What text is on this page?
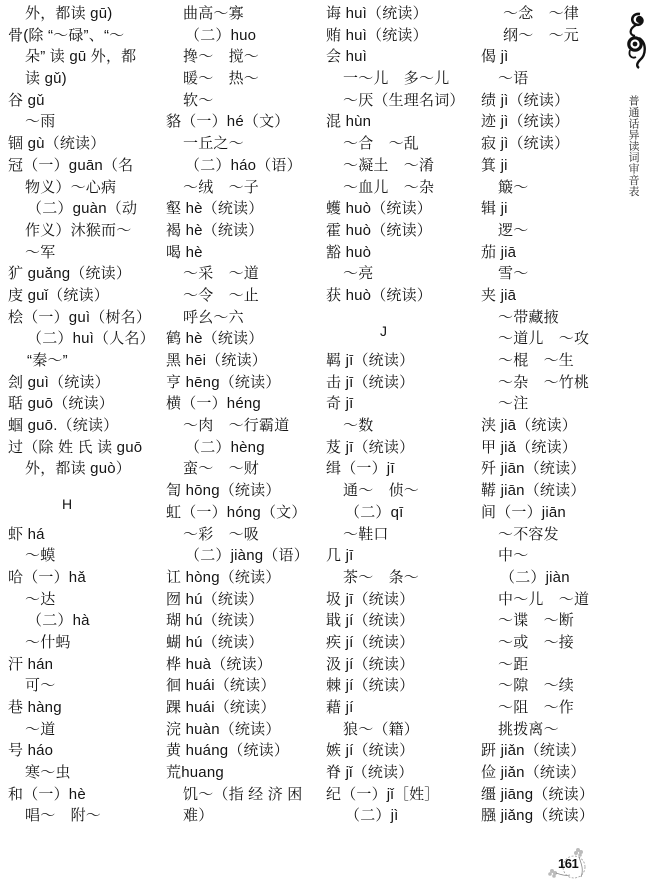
外，都读 gū)
骨(除 “～碌”、“～
朵” 读 gū 外，都
读 gǔ)
谷 gǔ
～雨
锢 gù（统读）
冠（一）guān（名
物义）～心病
（二）guàn（动
作义）沐猴而～
～军
犷 guǎng（统读）
庋 guǐ（统读）
桧（一）guì（树名）
（二）huì（人名）
“秦～”
刽 guì（统读）
聒 guō（统读）
蝈 guō.（统读）
过（除 姓 氏 读 guō
外，都读 guò）
H
虾 há
～蟆
哈（一）hǎ
～达
（二）hà
～什蚂
汗 hán
可～
巷 hàng
～道
号 háo
寒～虫
和（一）hè
唱～　附～
曲高～寡
（二）huo
搀～　搅～
暖～　热～
软～
貉（一）hé（文）
一丘之～
（二）háo（语）
～绒　～子
壑 hè（统读）
褐 hè（统读）
喝 hè
～采　～道
～令　～止
呼幺～六
鹤 hè（统读）
黑 hēi（统读）
亨 hēng（统读）
横（一）héng
～肉　～行霸道
（二）hèng
蛮～　～财
訇 hōng（统读）
虹（一）hóng（文）
～彩　～吸
（二）jiàng（语）
讧 hòng（统读）
囫 hú（统读）
瑚 hú（统读）
蝴 hú（统读）
桦 huà（统读）
徊 huái（统读）
踝 huái（统读）
浣 huàn（统读）
黄 huáng（统读）
荒huang
饥～（指 经 济 困
难）
诲 huì（统读）
贿 huì（统读）
会 huì
一～儿　多～儿
～厌（生理名词）
混 hùn
～合　～乱
～凝土　～淆
～血儿　～杂
蠖 huò（统读）
霍 huò（统读）
豁 huò
～亮
获 huò（统读）
J
羁 jī（统读）
击 jī（统读）
奇 jī
～数
芨 jī（统读）
缉（一）jī
通～　侦～
（二）qī
～鞋口
几 jī
茶～　条～
圾 jī（统读）
戢 jí（统读）
疾 jí（统读）
汲 jí（统读）
棘 jí（统读）
藉 jí
狼～（籍）
嫉 jí（统读）
脊 jǐ（统读）
纪（一）jǐ［姓］
（二）jì
～念　～律
纲～　～元
偈 jì
～语
绩 jì（统读）
迹 jì（统读）
寂 jì（统读）
箕 ji
簸～
辑 ji
逻～
茄 jiā
雪～
夹 jiā
～带藏掖
～道儿　～攻
～棍　～生
～杂　～竹桃
～注
浃 jiā（统读）
甲 jiǎ（统读）
歼 jiān（统读）
鞯 jiān（统读）
间（一）jiān
～不容发
中～
（二）jiàn
中～儿　～道
～谍　～断
～或　～接
～距
～隙　～续
～阻　～作
挑拨离～
趼 jiǎn（统读）
俭 jiǎn（统读）
缰 jiāng（统读）
膙 jiǎng（统读）
普通话异读词审音表
161
